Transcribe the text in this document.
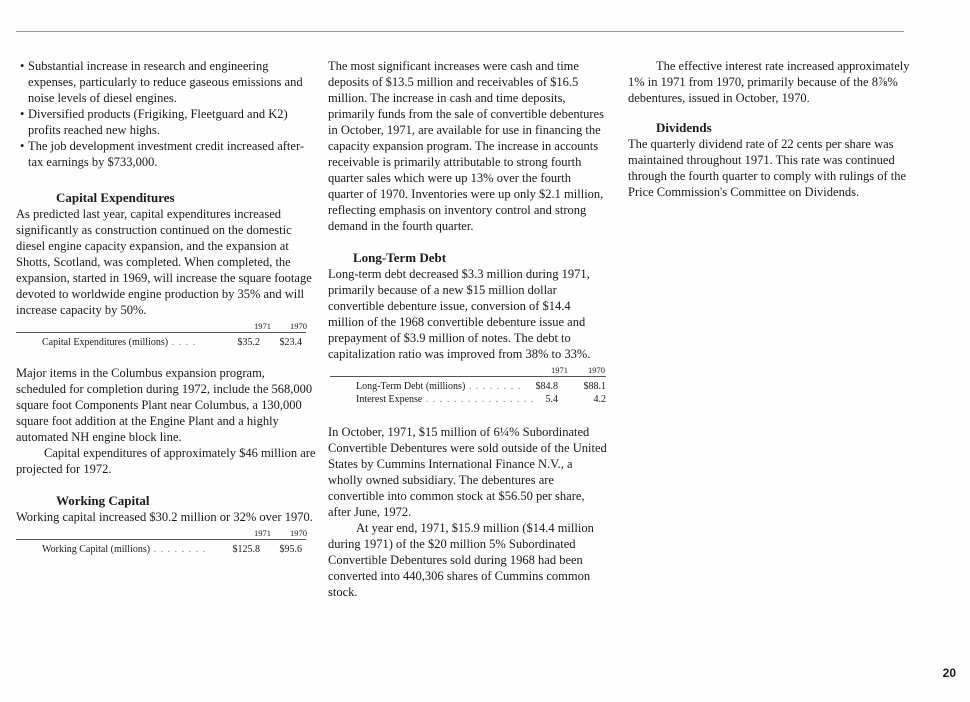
• Substantial increase in research and engineering expenses, particularly to reduce gaseous emissions and noise levels of diesel engines.
• Diversified products (Frigiking, Fleetguard and K2) profits reached new highs.
• The job development investment credit increased after-tax earnings by $733,000.
Capital Expenditures

As predicted last year, capital expenditures increased significantly as construction continued on the domestic diesel engine capacity expansion, and the expansion at Shotts, Scotland, was completed. When completed, the expansion, started in 1969, will increase the square footage devoted to worldwide engine production by 35% and will increase capacity by 50%.

1971 1970
Capital Expenditures (millions) . . . .	$35.2 $23.4

Major items in the Columbus expansion program, scheduled for completion during 1972, include the 568,000 square foot Components Plant near Columbus, a 130,000 square foot addition at the Engine Plant and a highly automated NH engine block line.

Capital expenditures of approximately $46 million are projected for 1972.

Working Capital

Working capital increased $30.2 million or 32% over 1970.

1971 1970
Working Capital (millions) . . . . . . . .	$125.8 $95.6

The most significant increases were cash and time deposits of $13.5 million and receivables of $16.5 million. The increase in cash and time deposits, primarily funds from the sale of convertible debentures in October, 1971, are available for use in financing the capacity expansion program. The increase in accounts receivable is primarily attributable to strong fourth quarter sales which were up 13% over the fourth quarter of 1970. Inventories were up only $2.1 million, reflecting emphasis on inventory control and strong demand in the fourth quarter.

Long-Term Debt

Long-term debt decreased $3.3 million during 1971, primarily because of a new $15 million dollar convertible debenture issue, conversion of $14.4 million of the 1968 convertible debenture issue and prepayment of $3.9 million of notes. The debt to capitalization ratio was improved from 38% to 33%.

1971 1970
Long-Term Debt (millions) . . . . . . . . $84.8	$88.1
Interest Expense . . . . . . . . . . . . . . . . 5.4	4.2

In October, 1971, $15 million of 6¼% Subordinated Convertible Debentures were sold outside of the United States by Cummins International Finance N.V., a wholly owned subsidiary. The debentures are convertible into common stock at $56.50 per share, after June, 1972.

At year end, 1971, $15.9 million ($14.4 million during 1971) of the $20 million 5% Subordinated Convertible Debentures sold during 1968 had been converted into 440,306 shares of Cummins common stock.

The effective interest rate increased approximately 1% in 1971 from 1970, primarily because of the 8⅞% debentures, issued in October, 1970.

Dividends

The quarterly dividend rate of 22 cents per share was maintained throughout 1971. This rate was continued through the fourth quarter to comply with rulings of the Price Commission's Committee on Dividends.

20
